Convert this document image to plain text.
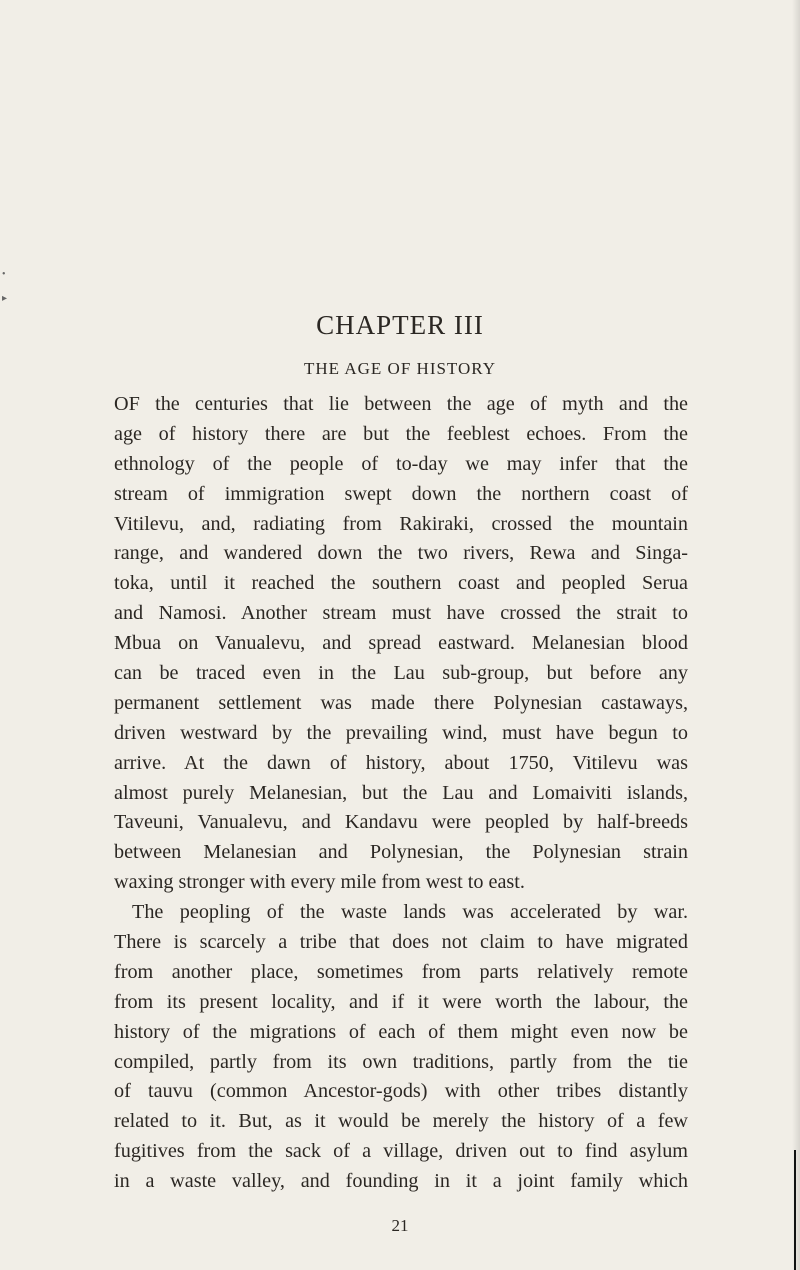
•
▸
CHAPTER III
THE AGE OF HISTORY
OF the centuries that lie between the age of myth and the
age of history there are but the feeblest echoes. From the
ethnology of the people of to-day we may infer that the
stream of immigration swept down the northern coast of
Vitilevu, and, radiating from Rakiraki, crossed the mountain
range, and wandered down the two rivers, Rewa and Singa-
toka, until it reached the southern coast and peopled Serua
and Namosi. Another stream must have crossed the strait to
Mbua on Vanualevu, and spread eastward. Melanesian blood
can be traced even in the Lau sub-group, but before any
permanent settlement was made there Polynesian castaways,
driven westward by the prevailing wind, must have begun to
arrive. At the dawn of history, about 1750, Vitilevu was
almost purely Melanesian, but the Lau and Lomaiviti islands,
Taveuni, Vanualevu, and Kandavu were peopled by half-breeds
between Melanesian and Polynesian, the Polynesian strain
waxing stronger with every mile from west to east.
The peopling of the waste lands was accelerated by war.
There is scarcely a tribe that does not claim to have migrated
from another place, sometimes from parts relatively remote
from its present locality, and if it were worth the labour, the
history of the migrations of each of them might even now be
compiled, partly from its own traditions, partly from the tie
of tauvu (common Ancestor-gods) with other tribes distantly
related to it. But, as it would be merely the history of a few
fugitives from the sack of a village, driven out to find asylum
in a waste valley, and founding in it a joint family which
21
